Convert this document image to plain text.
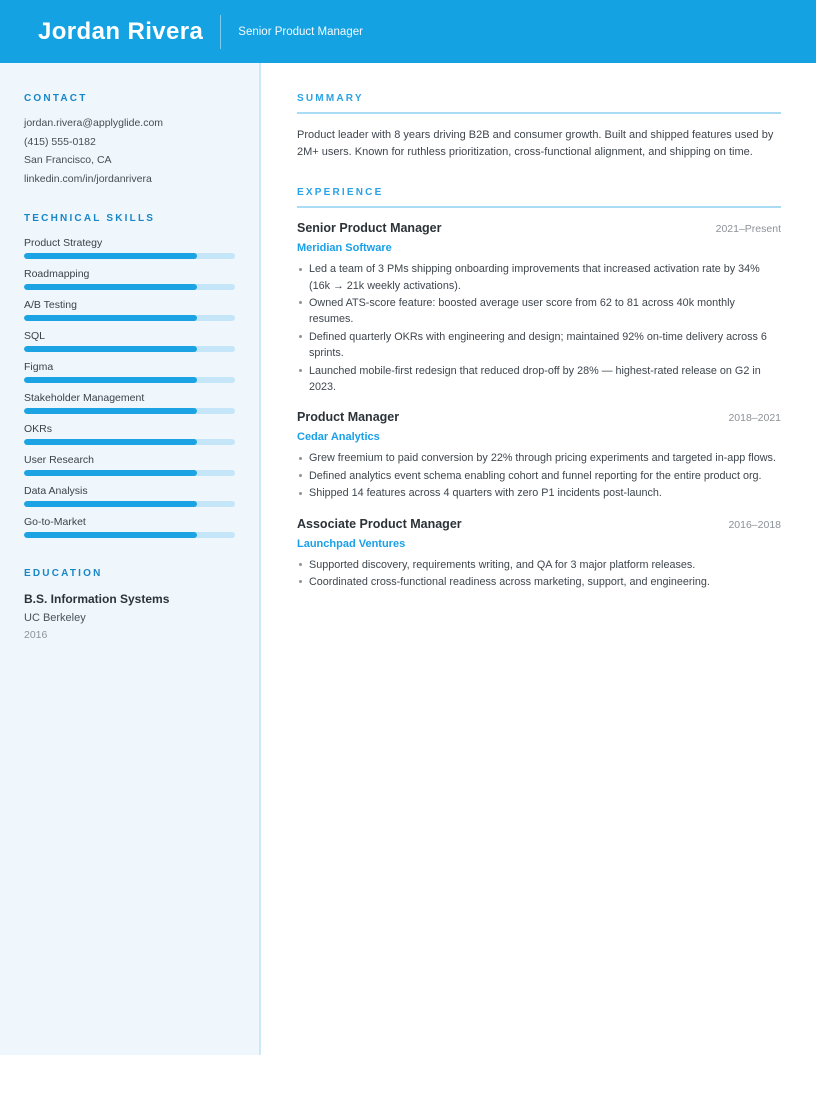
Jordan Rivera	Senior Product Manager
CONTACT

jordan.rivera@applyglide.com

(415) 555-0182

San Francisco, CA

linkedin.com/in/jordanrivera

TECHNICAL SKILLS
Product Strategy
Roadmapping
A/B Testing
SQL
Figma
Stakeholder Management
OKRs
User Research
Data Analysis
Go-to-Market
EDUCATION
B.S. Information Systems
UC Berkeley
2016
SUMMARY

Product leader with 8 years driving B2B and consumer growth. Built and shipped features used by 2M+ users. Known for ruthless prioritization, cross-functional alignment, and shipping on time.

EXPERIENCE
Senior Product Manager	2021–Present
Meridian Software
Led a team of 3 PMs shipping onboarding improvements that increased activation rate by 34% (16k → 21k weekly activations).
Owned ATS-score feature: boosted average user score from 62 to 81 across 40k monthly resumes.
Defined quarterly OKRs with engineering and design; maintained 92% on-time delivery across 6 sprints.
Launched mobile-first redesign that reduced drop-off by 28% — highest-rated release on G2 in 2023.
Product Manager	2018–2021
Cedar Analytics
Grew freemium to paid conversion by 22% through pricing experiments and targeted in-app flows.
Defined analytics event schema enabling cohort and funnel reporting for the entire product org.
Shipped 14 features across 4 quarters with zero P1 incidents post-launch.
Associate Product Manager	2016–2018
Launchpad Ventures
Supported discovery, requirements writing, and QA for 3 major platform releases.
Coordinated cross-functional readiness across marketing, support, and engineering.
